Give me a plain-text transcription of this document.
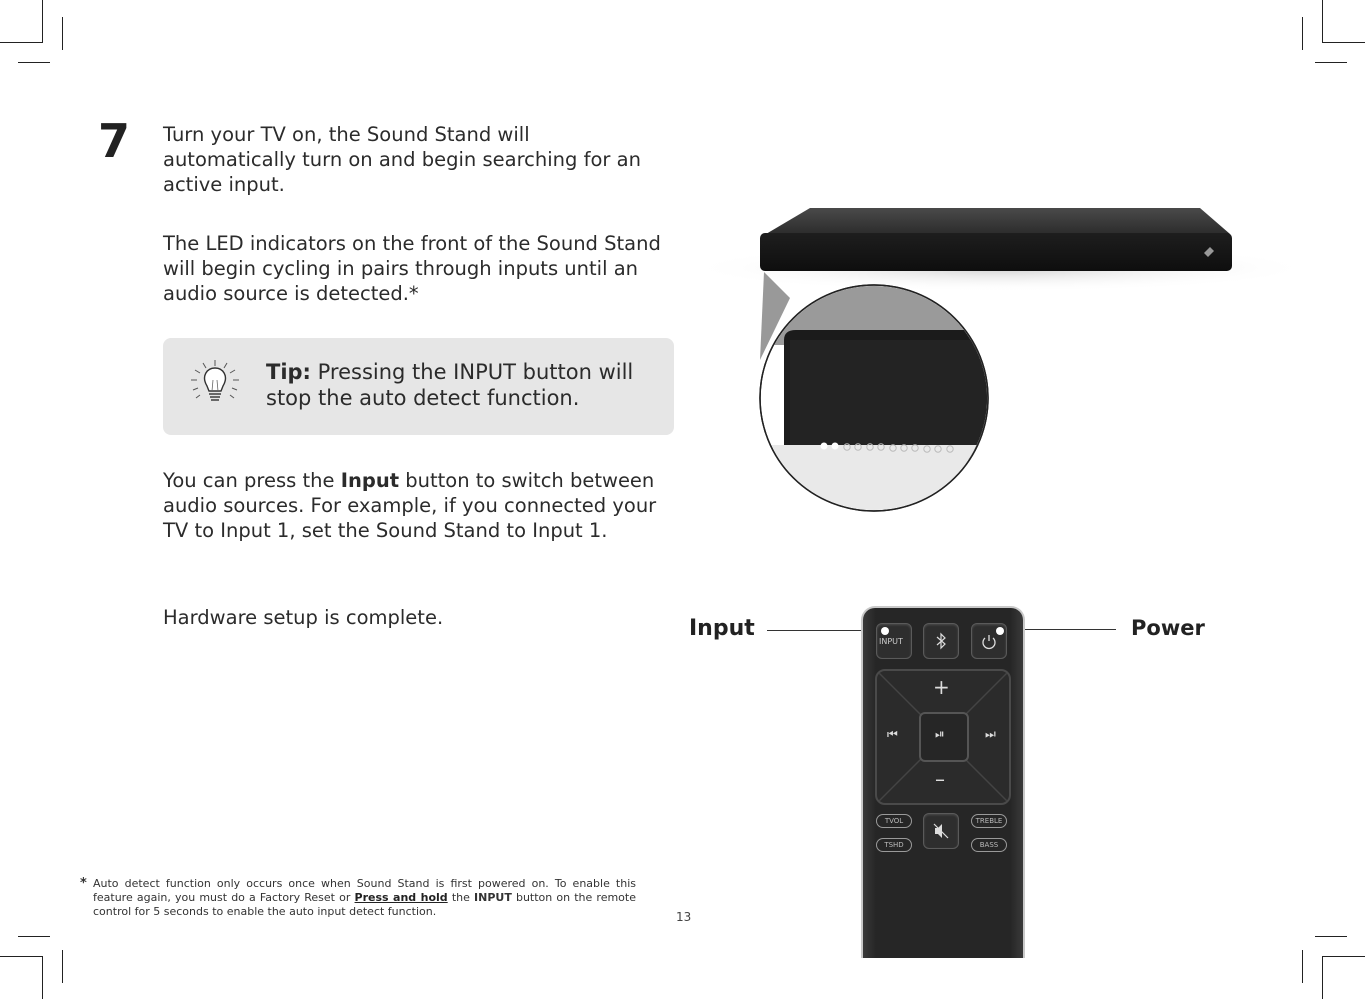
7 Turn your TV on, the Sound Stand will automatically turn on and begin searching for an active input.
The LED indicators on the front of the Sound Stand will begin cycling in pairs through inputs until an audio source is detected.*
Tip: Pressing the INPUT button will stop the auto detect function.
You can press the Input button to switch between audio sources. For example, if you connected your TV to Input 1, set the Sound Stand to Input 1.
Hardware setup is complete.
* Auto detect function only occurs once when Sound Stand is first powered on. To enable this feature again, you must do a Factory Reset or Press and hold the INPUT button on the remote control for 5 seconds to enable the auto input detect function.	13
Input	Power
INPUT
+
–
⏮	⏭
⏯
TVOL
TSHD
TREBLE
BASS
